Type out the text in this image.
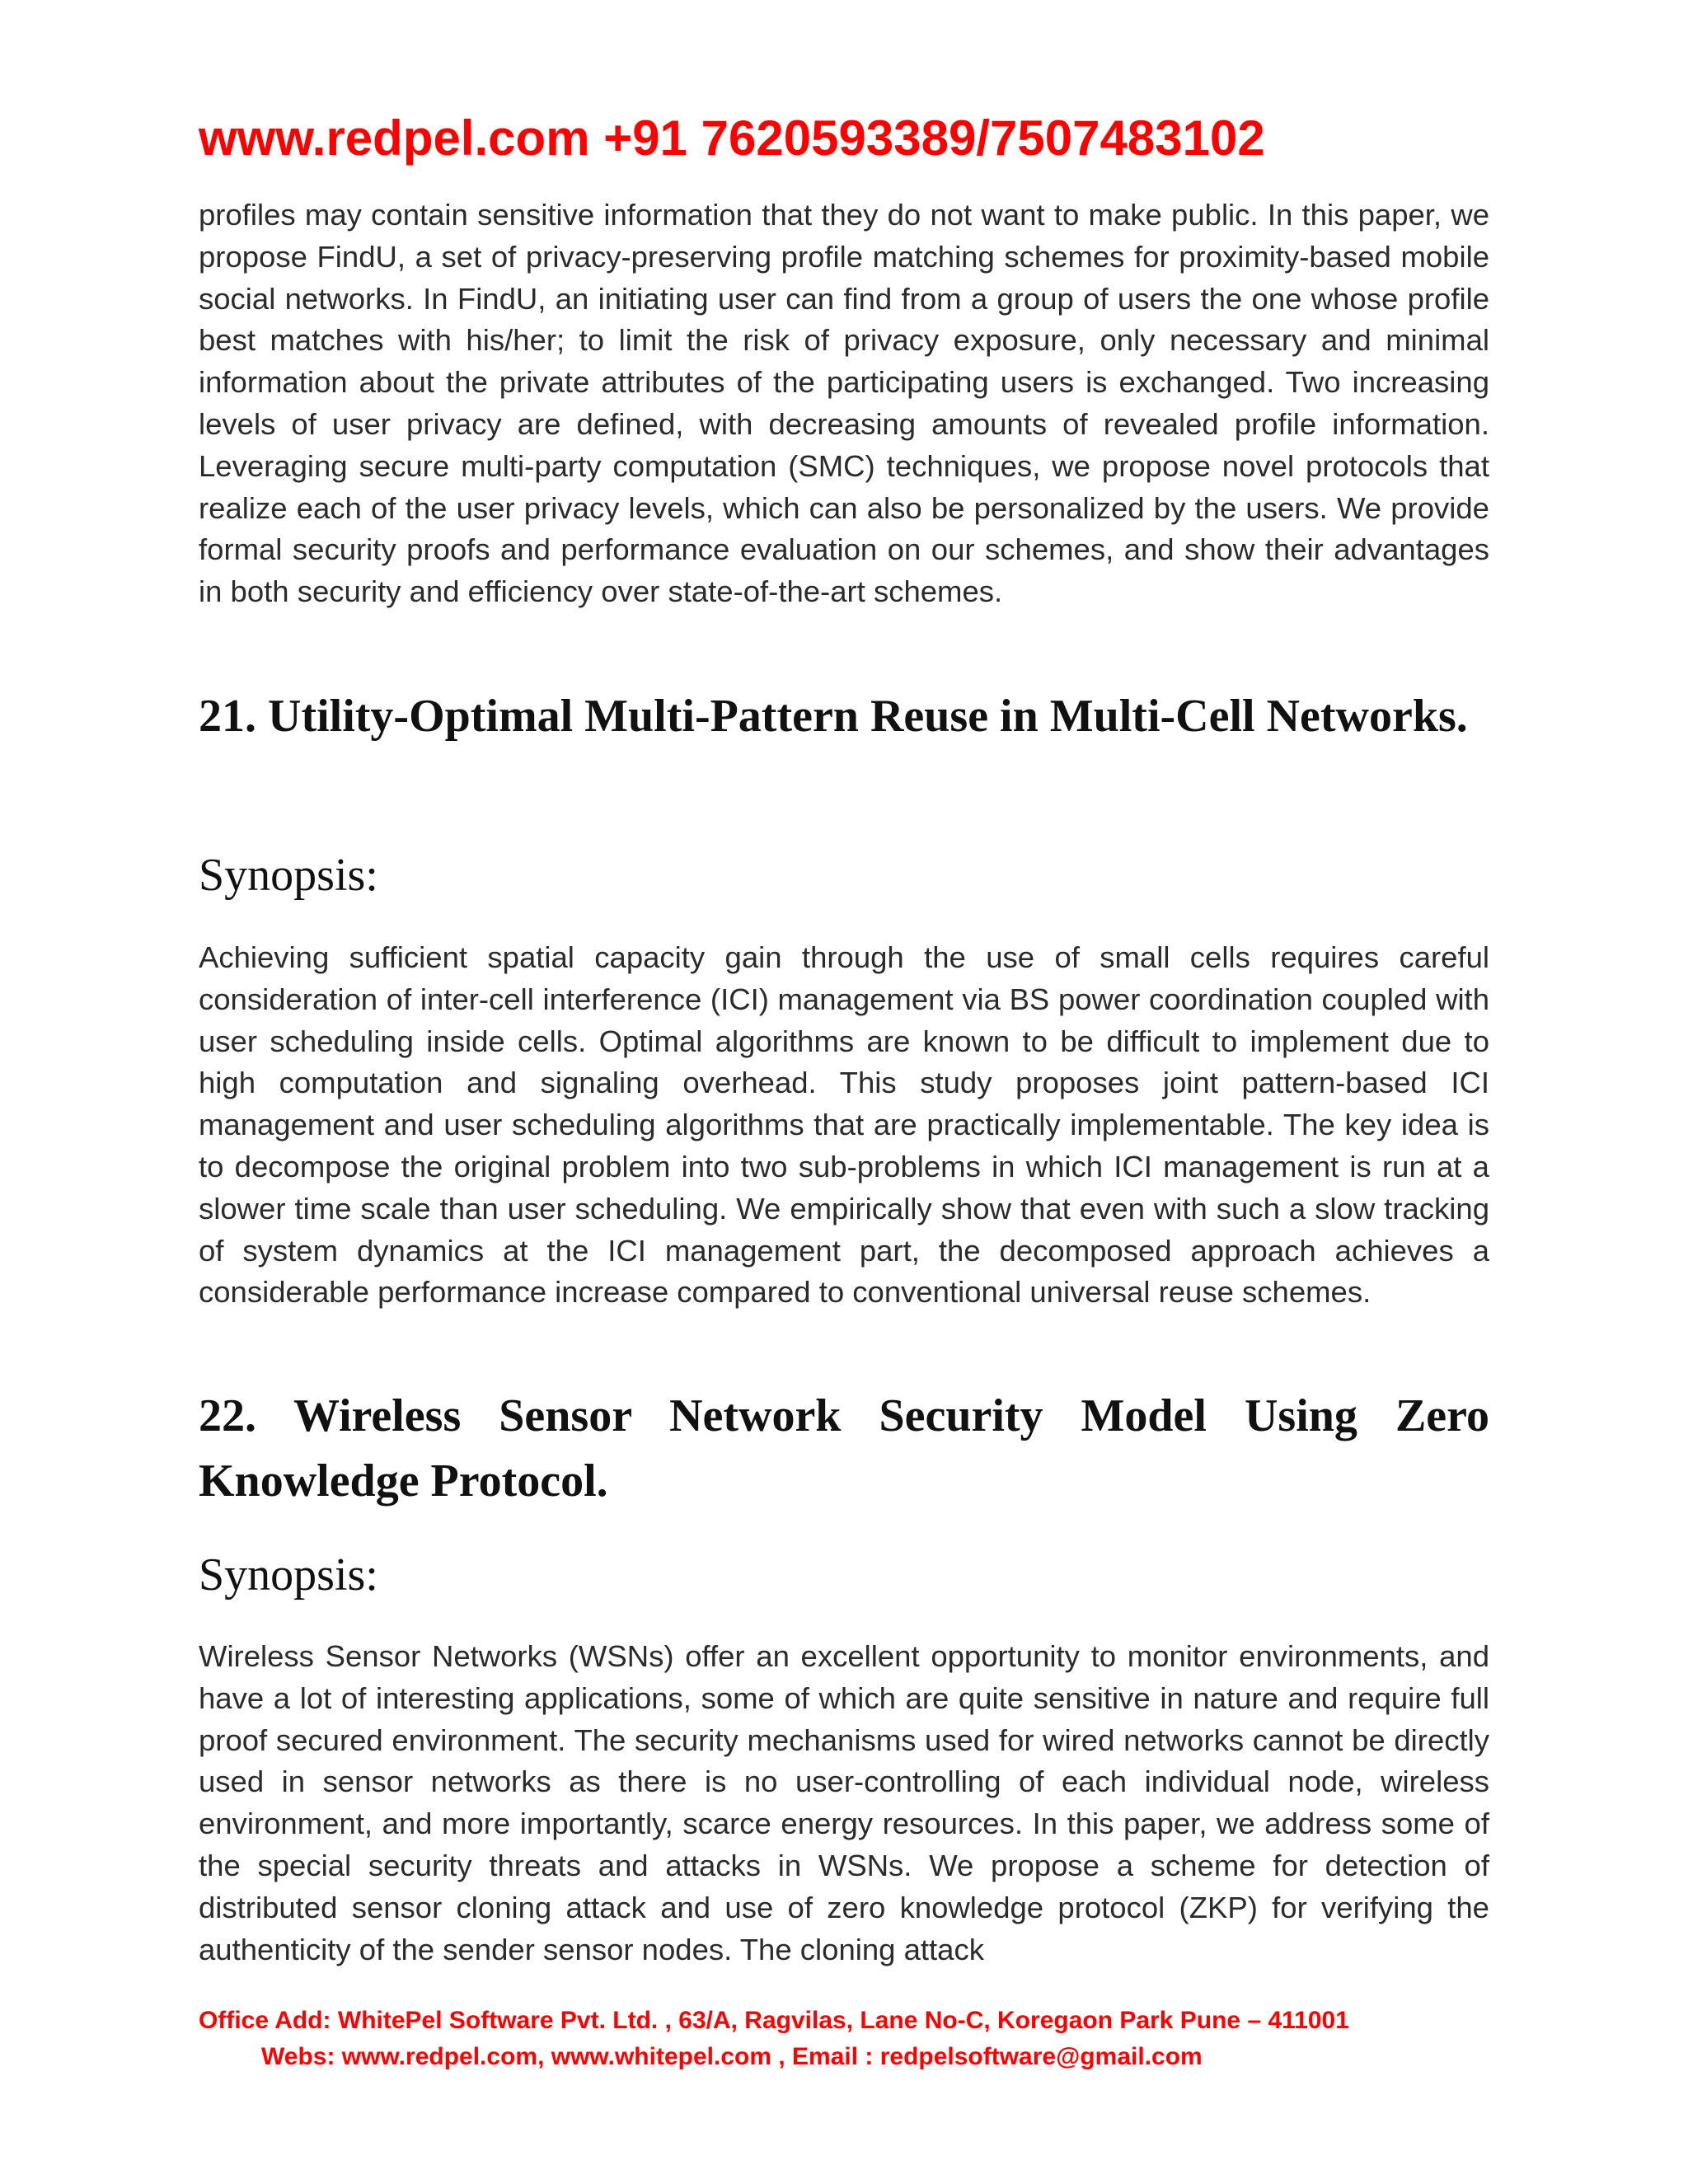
www.redpel.com +91 7620593389/7507483102

profiles may contain sensitive information that they do not want to make public. In this paper, we propose FindU, a set of privacy-preserving profile matching schemes for proximity-based mobile social networks. In FindU, an initiating user can find from a group of users the one whose profile best matches with his/her; to limit the risk of privacy exposure, only necessary and minimal information about the private attributes of the participating users is exchanged. Two increasing levels of user privacy are defined, with decreasing amounts of revealed profile information. Leveraging secure multi-party computation (SMC) techniques, we propose novel protocols that realize each of the user privacy levels, which can also be personalized by the users. We provide formal security proofs and performance evaluation on our schemes, and show their advantages in both security and efficiency over state-of-the-art schemes.

21. Utility-Optimal Multi-Pattern Reuse in Multi-Cell Networks.
Synopsis:

Achieving sufficient spatial capacity gain through the use of small cells requires careful consideration of inter-cell interference (ICI) management via BS power coordination coupled with user scheduling inside cells. Optimal algorithms are known to be difficult to implement due to high computation and signaling overhead. This study proposes joint pattern-based ICI management and user scheduling algorithms that are practically implementable. The key idea is to decompose the original problem into two sub-problems in which ICI management is run at a slower time scale than user scheduling. We empirically show that even with such a slow tracking of system dynamics at the ICI management part, the decomposed approach achieves a considerable performance increase compared to conventional universal reuse schemes.

22. Wireless Sensor Network Security Model Using Zero Knowledge Protocol.
Synopsis:

Wireless Sensor Networks (WSNs) offer an excellent opportunity to monitor environments, and have a lot of interesting applications, some of which are quite sensitive in nature and require full proof secured environment. The security mechanisms used for wired networks cannot be directly used in sensor networks as there is no user-controlling of each individual node, wireless environment, and more importantly, scarce energy resources. In this paper, we address some of the special security threats and attacks in WSNs. We propose a scheme for detection of distributed sensor cloning attack and use of zero knowledge protocol (ZKP) for verifying the authenticity of the sender sensor nodes. The cloning attack

Office Add: WhitePel Software Pvt. Ltd. , 63/A, Ragvilas, Lane No-C, Koregaon Park Pune – 411001
Webs: www.redpel.com, www.whitepel.com , Email : redpelsoftware@gmail.com
